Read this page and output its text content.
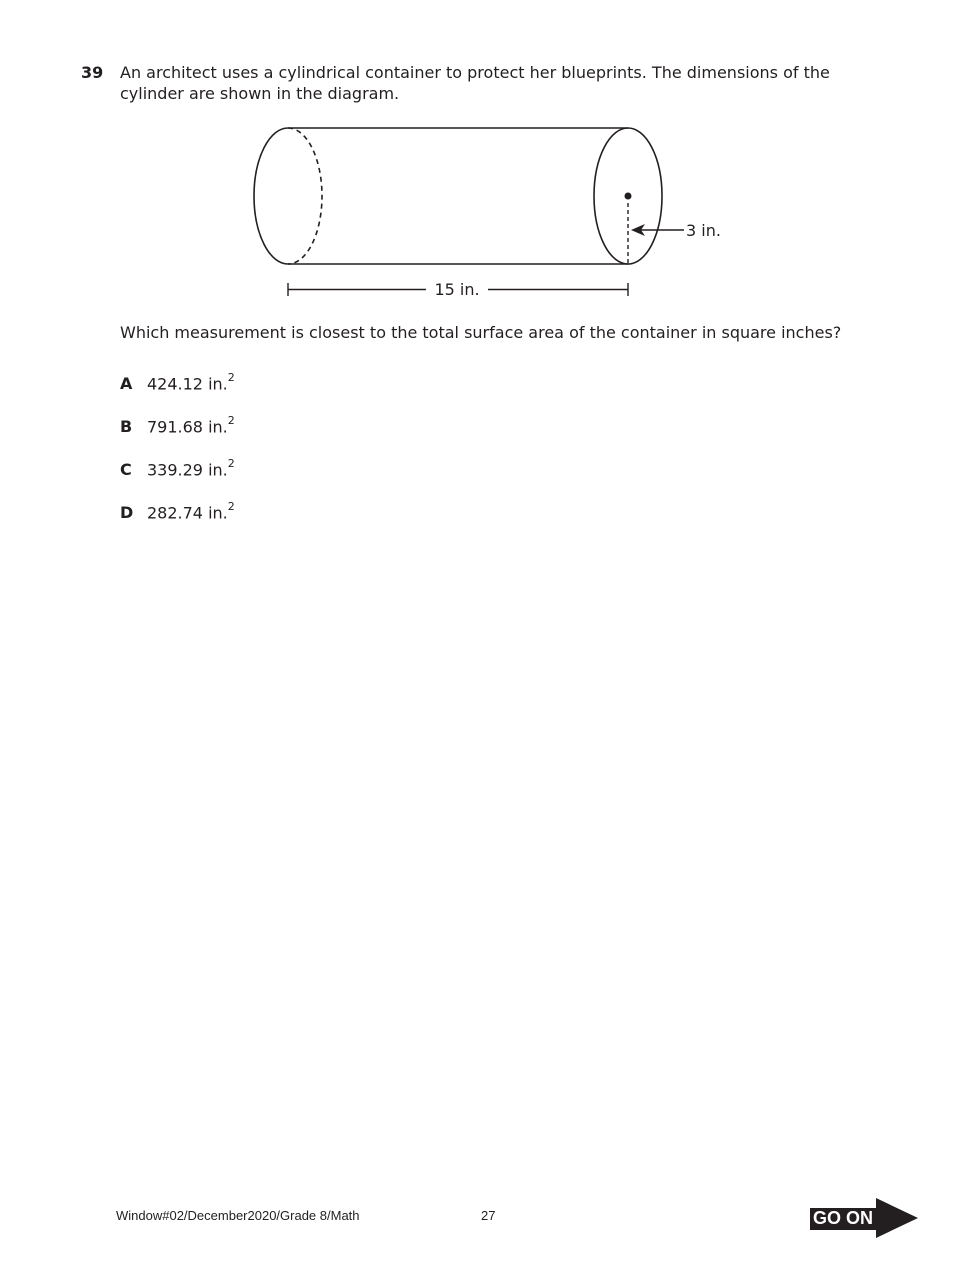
39 An architect uses a cylindrical container to protect her blueprints. The dimensions of the
cylinder are shown in the diagram.
3 in.
15 in.
Which measurement is closest to the total surface area of the container in square inches?
A 424.12 in.$^2$
B 791.68 in.$^2$
C 339.29 in.$^2$
D 282.74 in.$^2$
Window#02/December2020/Grade 8/Math	27	GO ON
